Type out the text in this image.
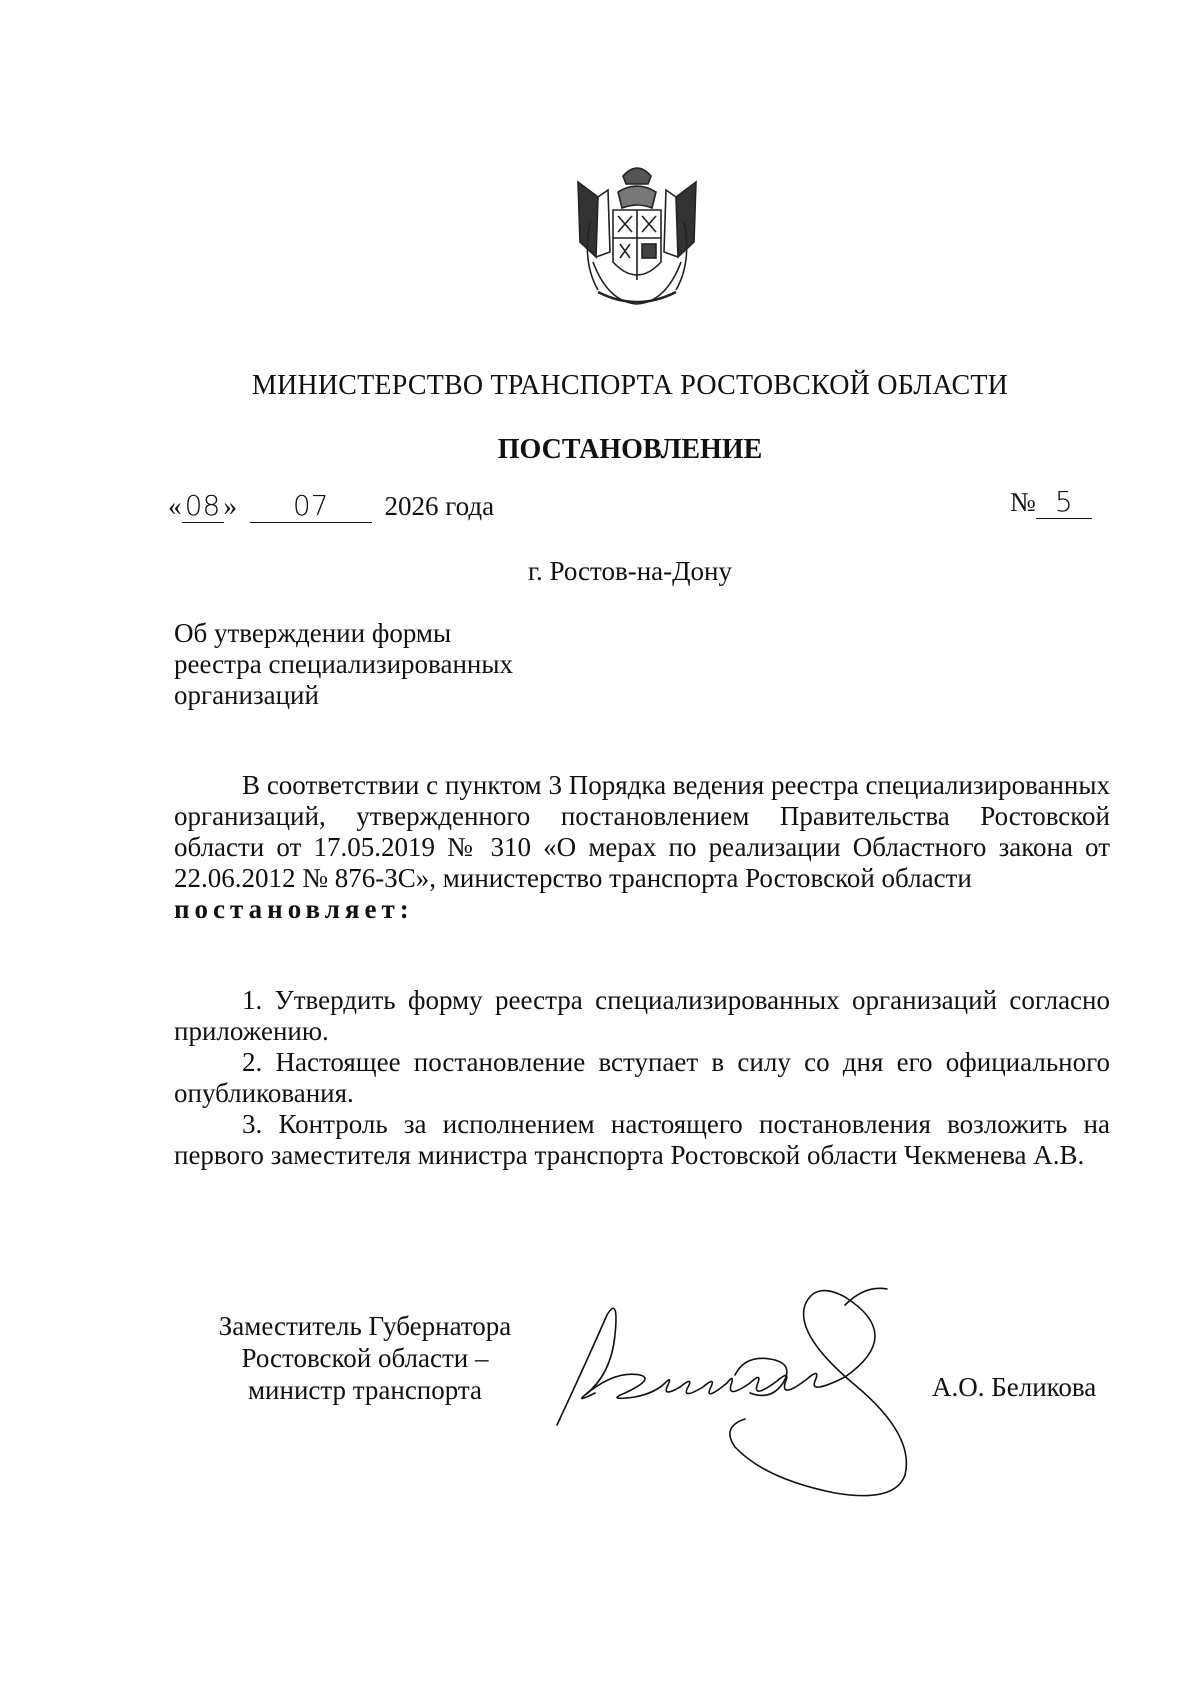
МИНИСТЕРСТВО ТРАНСПОРТА РОСТОВСКОЙ ОБЛАСТИ
ПОСТАНОВЛЕНИЕ
« 08 » 07 2026 года	№ 5
г. Ростов-на-Дону
Об утверждении формы
реестра специализированных
организаций

В соответствии с пунктом 3 Порядка ведения реестра специализированных организаций, утвержденного постановлением Правительства Ростовской области от 17.05.2019 № 310 «О мерах по реализации Областного закона от 22.06.2012 № 876-ЗС», министерство транспорта Ростовской области

постановляет:

1. Утвердить форму реестра специализированных организаций согласно приложению.

2. Настоящее постановление вступает в силу со дня его официального опубликования.

3. Контроль за исполнением настоящего постановления возложить на первого заместителя министра транспорта Ростовской области Чекменева А.В.

Заместитель Губернатора
Ростовской области –
министр транспорта	А.О. Беликова
